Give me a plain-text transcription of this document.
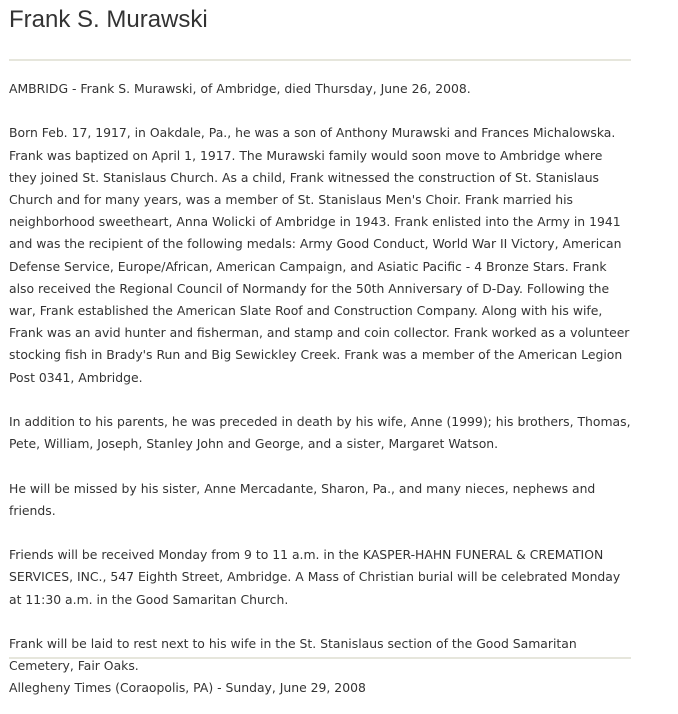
Frank S. Murawski

AMBRIDG - Frank S. Murawski, of Ambridge, died Thursday, June 26, 2008.

Born Feb. 17, 1917, in Oakdale, Pa., he was a son of Anthony Murawski and Frances Michalowska. Frank was baptized on April 1, 1917. The Murawski family would soon move to Ambridge where they joined St. Stanislaus Church. As a child, Frank witnessed the construction of St. Stanislaus Church and for many years, was a member of St. Stanislaus Men's Choir. Frank married his neighborhood sweetheart, Anna Wolicki of Ambridge in 1943. Frank enlisted into the Army in 1941 and was the recipient of the following medals: Army Good Conduct, World War II Victory, American Defense Service, Europe/African, American Campaign, and Asiatic Pacific - 4 Bronze Stars. Frank also received the Regional Council of Normandy for the 50th Anniversary of D-Day. Following the war, Frank established the American Slate Roof and Construction Company. Along with his wife, Frank was an avid hunter and fisherman, and stamp and coin collector. Frank worked as a volunteer stocking fish in Brady's Run and Big Sewickley Creek. Frank was a member of the American Legion Post 0341, Ambridge.

In addition to his parents, he was preceded in death by his wife, Anne (1999); his brothers, Thomas, Pete, William, Joseph, Stanley John and George, and a sister, Margaret Watson.

He will be missed by his sister, Anne Mercadante, Sharon, Pa., and many nieces, nephews and friends.

Friends will be received Monday from 9 to 11 a.m. in the KASPER-HAHN FUNERAL & CREMATION SERVICES, INC., 547 Eighth Street, Ambridge. A Mass of Christian burial will be celebrated Monday at 11:30 a.m. in the Good Samaritan Church.

Frank will be laid to rest next to his wife in the St. Stanislaus section of the Good Samaritan Cemetery, Fair Oaks.

Allegheny Times (Coraopolis, PA) - Sunday, June 29, 2008
